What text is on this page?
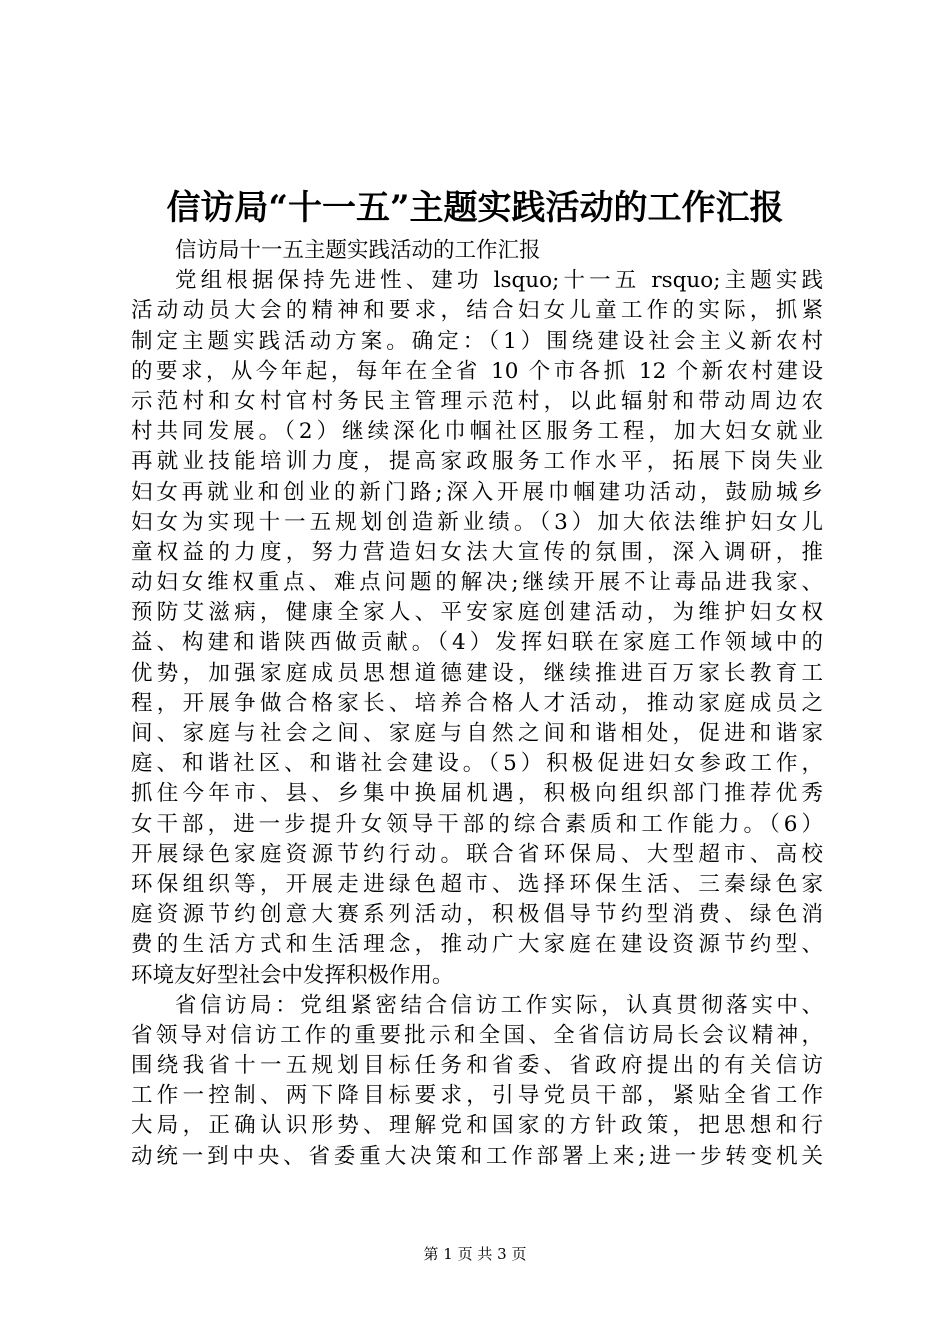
信访局“十一五”主题实践活动的工作汇报
信访局十一五主题实践活动的工作汇报
党组根据保持先进性、建功 lsquo;十一五 rsquo;主题实践
活动动员大会的精神和要求，结合妇女儿童工作的实际，抓紧
制定主题实践活动方案。确定：（1）围绕建设社会主义新农村
的要求，从今年起，每年在全省 10 个市各抓 12 个新农村建设
示范村和女村官村务民主管理示范村，以此辐射和带动周边农
村共同发展。（2）继续深化巾帼社区服务工程，加大妇女就业
再就业技能培训力度，提高家政服务工作水平，拓展下岗失业
妇女再就业和创业的新门路;深入开展巾帼建功活动，鼓励城乡
妇女为实现十一五规划创造新业绩。（3）加大依法维护妇女儿
童权益的力度，努力营造妇女法大宣传的氛围，深入调研，推
动妇女维权重点、难点问题的解决;继续开展不让毒品进我家、
预防艾滋病，健康全家人、平安家庭创建活动，为维护妇女权
益、构建和谐陕西做贡献。（4）发挥妇联在家庭工作领域中的
优势，加强家庭成员思想道德建设，继续推进百万家长教育工
程，开展争做合格家长、培养合格人才活动，推动家庭成员之
间、家庭与社会之间、家庭与自然之间和谐相处，促进和谐家
庭、和谐社区、和谐社会建设。（5）积极促进妇女参政工作，
抓住今年市、县、乡集中换届机遇，积极向组织部门推荐优秀
女干部，进一步提升女领导干部的综合素质和工作能力。（6）
开展绿色家庭资源节约行动。联合省环保局、大型超市、高校
环保组织等，开展走进绿色超市、选择环保生活、三秦绿色家
庭资源节约创意大赛系列活动，积极倡导节约型消费、绿色消
费的生活方式和生活理念，推动广大家庭在建设资源节约型、
环境友好型社会中发挥积极作用。
省信访局：党组紧密结合信访工作实际，认真贯彻落实中、
省领导对信访工作的重要批示和全国、全省信访局长会议精神，
围绕我省十一五规划目标任务和省委、省政府提出的有关信访
工作一控制、两下降目标要求，引导党员干部，紧贴全省工作
大局，正确认识形势、理解党和国家的方针政策，把思想和行
动统一到中央、省委重大决策和工作部署上来;进一步转变机关
第 1 页 共 3 页
